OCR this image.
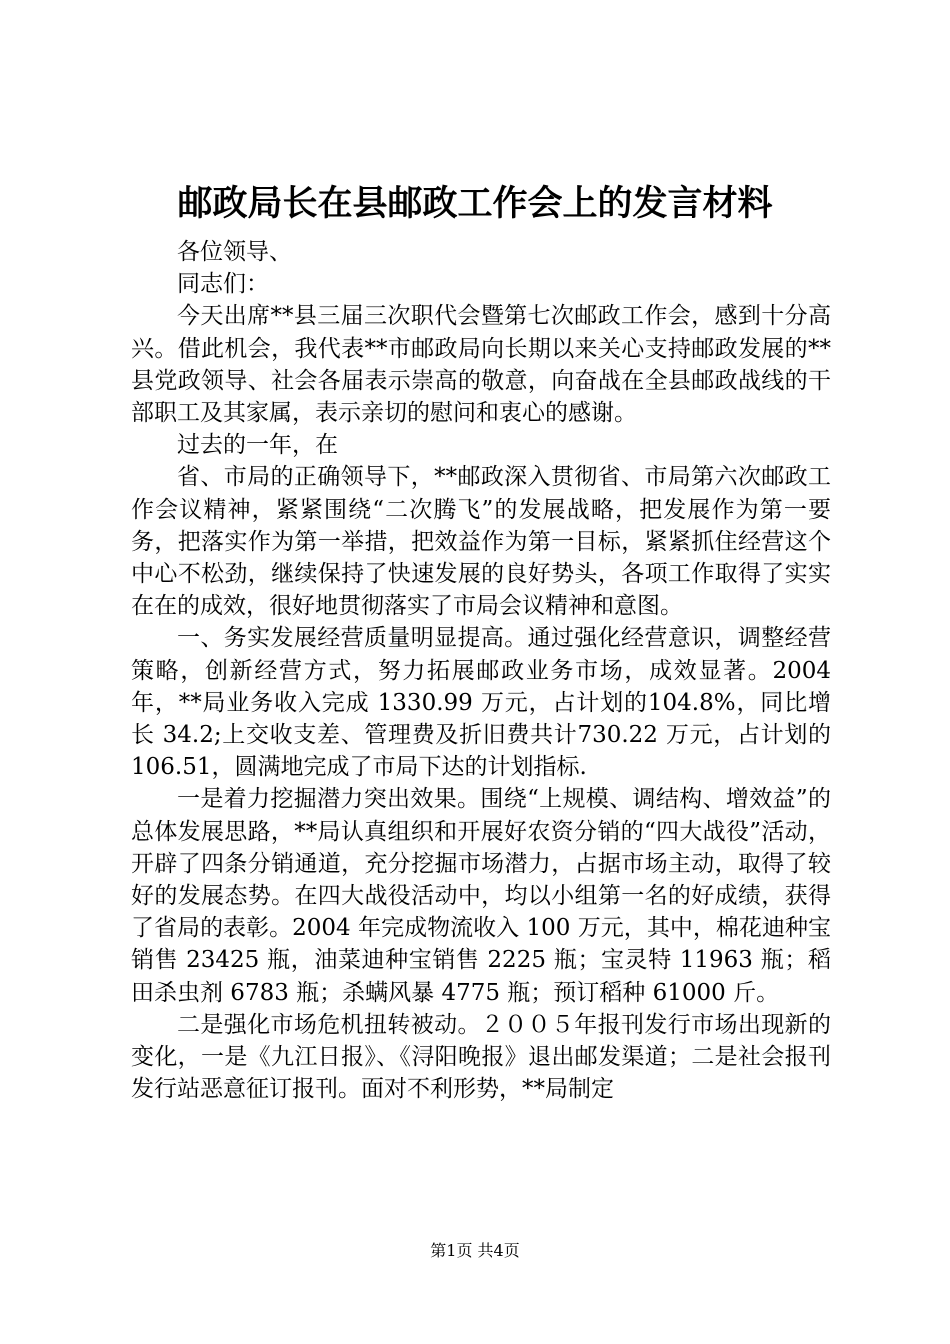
邮政局长在县邮政工作会上的发言材料

各位领导、

同志们：

今天出席**县三届三次职代会暨第七次邮政工作会，感到十分高兴。借此机会，我代表**市邮政局向长期以来关心支持邮政发展的**县党政领导、社会各届表示崇高的敬意，向奋战在全县邮政战线的干部职工及其家属，表示亲切的慰问和衷心的感谢。

过去的一年，在

省、市局的正确领导下，**邮政深入贯彻省、市局第六次邮政工作会议精神，紧紧围绕“二次腾飞”的发展战略，把发展作为第一要务，把落实作为第一举措，把效益作为第一目标，紧紧抓住经营这个中心不松劲，继续保持了快速发展的良好势头，各项工作取得了实实在在的成效，很好地贯彻落实了市局会议精神和意图。

一、务实发展经营质量明显提高。通过强化经营意识，调整经营策略，创新经营方式，努力拓展邮政业务市场，成效显著。2004 年，**局业务收入完成 1330.99 万元，占计划的104.8%，同比增长 34.2;上交收支差、管理费及折旧费共计730.22 万元，占计划的 106.51，圆满地完成了市局下达的计划指标.

一是着力挖掘潜力突出效果。围绕“上规模、调结构、增效益”的总体发展思路，**局认真组织和开展好农资分销的“四大战役”活动，开辟了四条分销通道，充分挖掘市场潜力，占据市场主动，取得了较好的发展态势。在四大战役活动中，均以小组第一名的好成绩，获得了省局的表彰。2004 年完成物流收入 100 万元，其中，棉花迪种宝销售 23425 瓶，油菜迪种宝销售 2225 瓶；宝灵特 11963 瓶；稻田杀虫剂 6783 瓶；杀螨风暴 4775 瓶；预订稻种 61000 斤。

二是强化市场危机扭转被动。２００５年报刊发行市场出现新的变化，一是《九江日报》、《浔阳晚报》退出邮发渠道；二是社会报刊发行站恶意征订报刊。面对不利形势，**局制定

第1页 共4页
